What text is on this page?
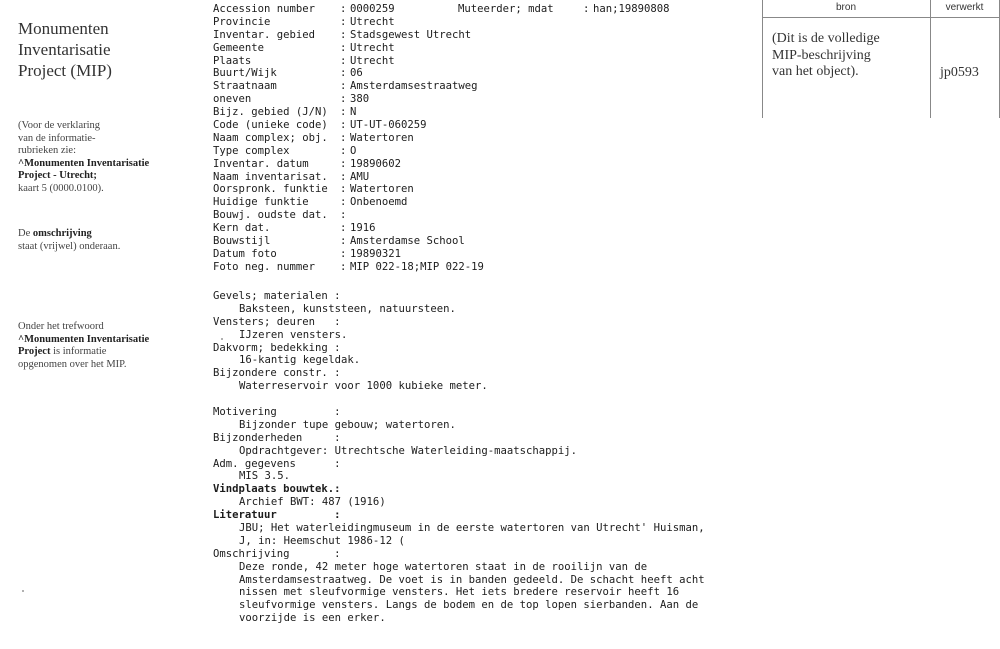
Monumenten
Inventarisatie
Project (MIP)
(Voor de verklaring
van de informatie-
rubrieken zie:
^Monumenten Inventarisatie
Project - Utrecht;
kaart 5 (0000.0100).
De omschrijving
staat (vrijwel) onderaan.
Onder het trefwoord
^Monumenten Inventarisatie
Project is informatie
opgenomen over het MIP.
Accession number : 0000259	Muteerder; mdat	: han;19890808
Provincie	: Utrecht
Inventar. gebied : Stadsgewest Utrecht
Gemeente	: Utrecht
Plaats	: Utrecht
Buurt/Wijk	: 06
Straatnaam	: Amsterdamsestraatweg
oneven	: 380
Bijz. gebied (J/N) : N
Code (unieke code) : UT-UT-060259
Naam complex; obj. : Watertoren
Type complex	: O
Inventar. datum	: 19890602
Naam inventarisat. : AMU
Oorspronk. funktie : Watertoren
Huidige funktie	: Onbenoemd
Bouwj. oudste dat. :
Kern dat.	: 1916
Bouwstijl	: Amsterdamse School
Datum foto	: 19890321
Foto neg. nummer : MIP 022-18;MIP 022-19
Gevels; materialen :
Baksteen, kunststeen, natuursteen.
Vensters; deuren   :
IJzeren vensters.
Dakvorm; bedekking :
16-kantig kegeldak.
Bijzondere constr. :
Waterreservoir voor 1000 kubieke meter.
Motivering         :
Bijzonder tupe gebouw; watertoren.
Bijzonderheden     :
Opdrachtgever: Utrechtsche Waterleiding-maatschappij.
Adm. gegevens      :
MIS 3.5.
Vindplaats bouwtek.:
Archief BWT: 487 (1916)
Literatuur         :
JBU; Het waterleidingmuseum in de eerste watertoren van Utrecht' Huisman,
J, in: Heemschut 1986-12 (
Omschrijving       :
Deze ronde, 42 meter hoge watertoren staat in de rooilijn van de
Amsterdamsestraatweg. De voet is in banden gedeeld. De schacht heeft acht
nissen met sleufvormige vensters. Het iets bredere reservoir heeft 16
sleufvormige vensters. Langs de bodem en de top lopen sierbanden. Aan de
voorzijde is een erker.
bron	verwerkt
(Dit is de volledige
MIP-beschrijving
van het object).	jp0593
